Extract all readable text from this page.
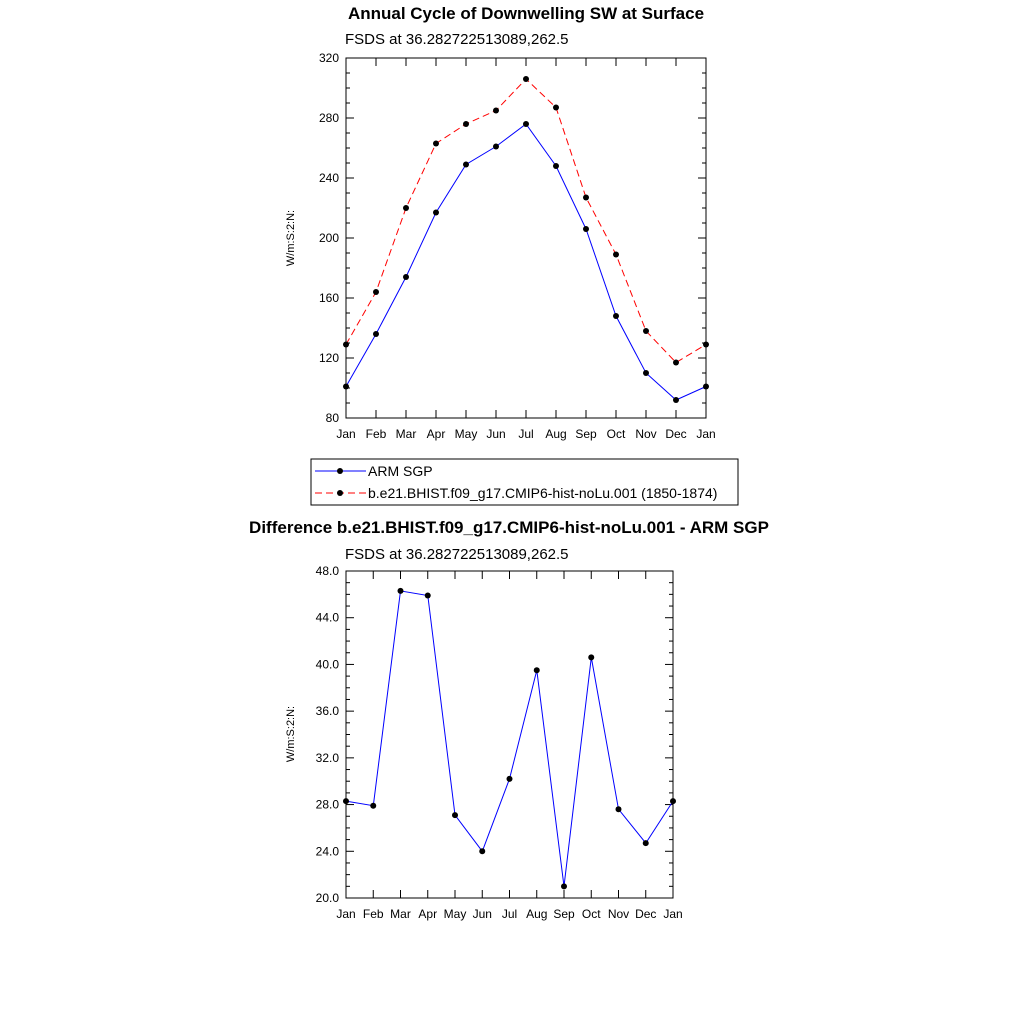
Annual Cycle of Downwelling SW at Surface
FSDS at 36.282722513089,262.5
Jan Feb Mar Apr May Jun Jul Aug Sep Oct Nov Dec Jan
80
120
160
200
240
280
320
W/m:S:2:N:
ARM SGP
b.e21.BHIST.f09_g17.CMIP6-hist-noLu.001 (1850-1874)
Difference b.e21.BHIST.f09_g17.CMIP6-hist-noLu.001 - ARM SGP
FSDS at 36.282722513089,262.5
Jan Feb Mar Apr May Jun Jul Aug Sep Oct Nov Dec Jan
20.0
24.0
28.0
32.0
36.0
40.0
44.0
48.0
W/m:S:2:N:
